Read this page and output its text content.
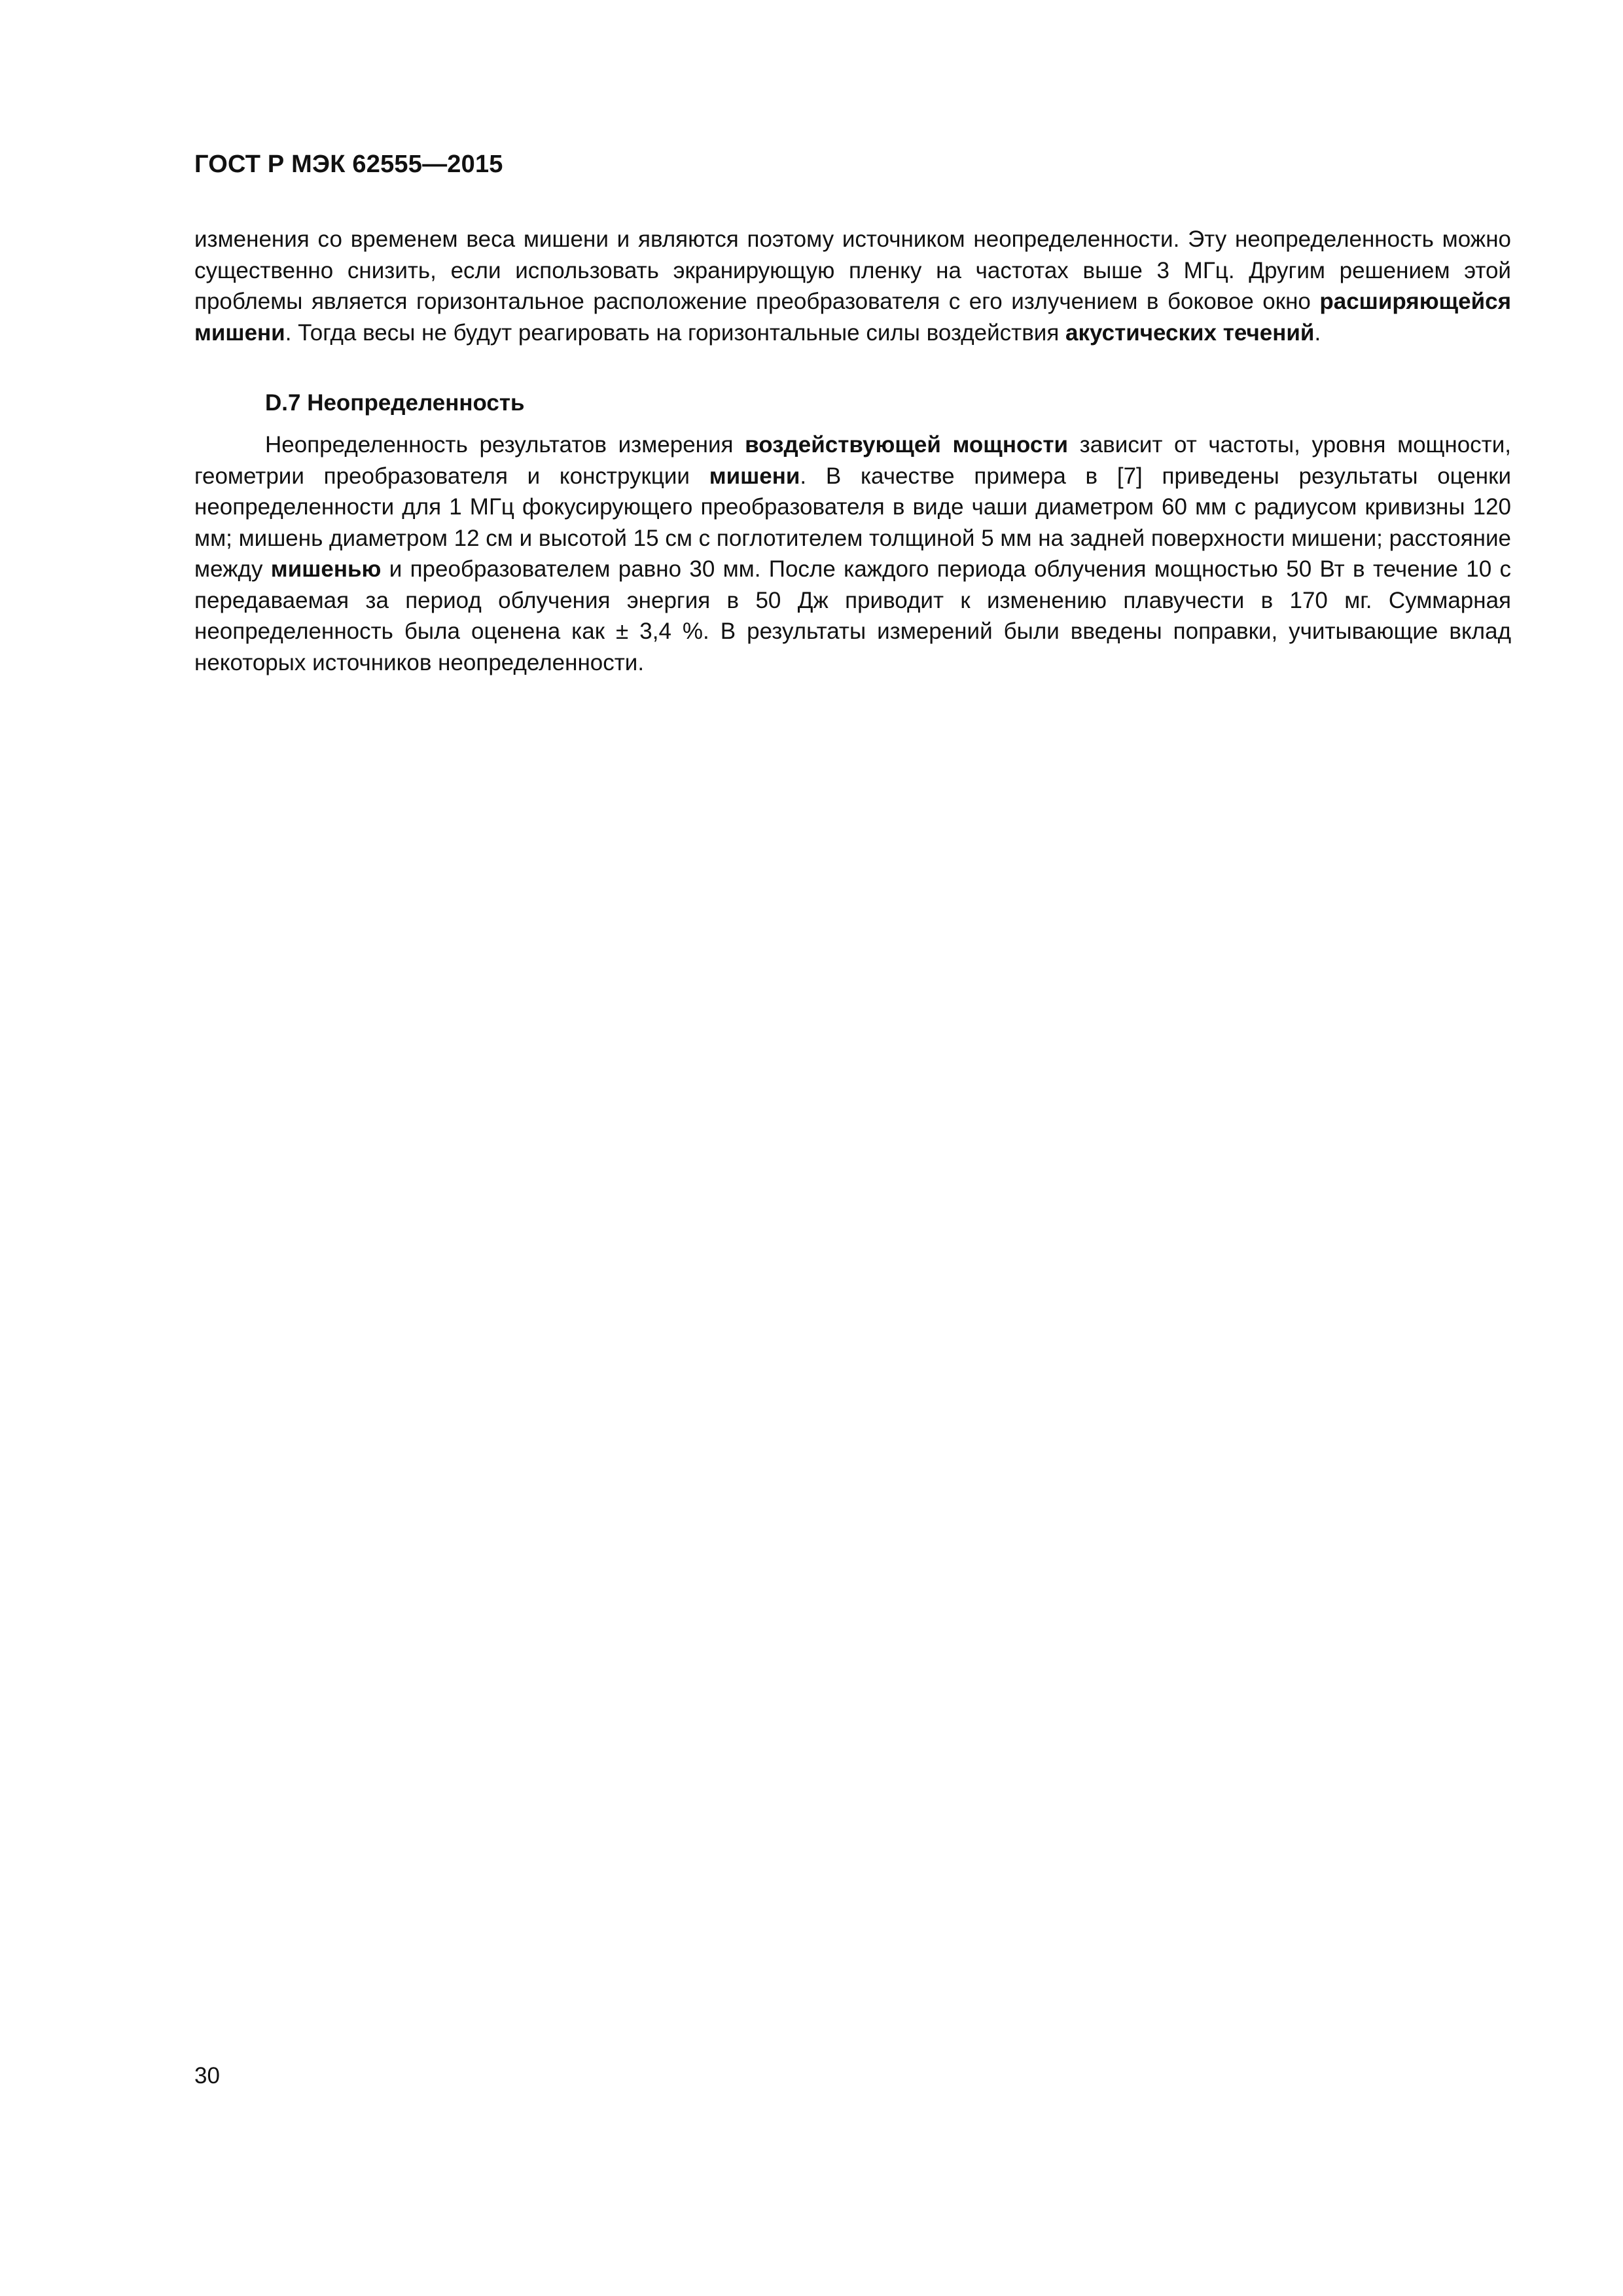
ГОСТ Р МЭК 62555—2015

изменения со временем веса мишени и являются поэтому источником неопределенности. Эту неопределенность можно существенно снизить, если использовать экранирующую пленку на частотах выше 3 МГц. Другим решением этой проблемы является горизонтальное расположение преобразователя с его излучением в боковое окно расширяющейся мишени. Тогда весы не будут реагировать на горизонтальные силы воздействия акустических течений.

D.7 Неопределенность

Неопределенность результатов измерения воздействующей мощности зависит от частоты, уровня мощности, геометрии преобразователя и конструкции мишени. В качестве примера в [7] приведены результаты оценки неопределенности для 1 МГц фокусирующего преобразователя в виде чаши диаметром 60 мм с радиусом кривизны 120 мм; мишень диаметром 12 см и высотой 15 см с поглотителем толщиной 5 мм на задней поверхности мишени; расстояние между мишенью и преобразователем равно 30 мм. После каждого периода облучения мощностью 50 Вт в течение 10 с передаваемая за период облучения энергия в 50 Дж приводит к изменению плавучести в 170 мг. Суммарная неопределенность была оценена как ± 3,4 %. В результаты измерений были введены поправки, учитывающие вклад некоторых источников неопределенности.

30
